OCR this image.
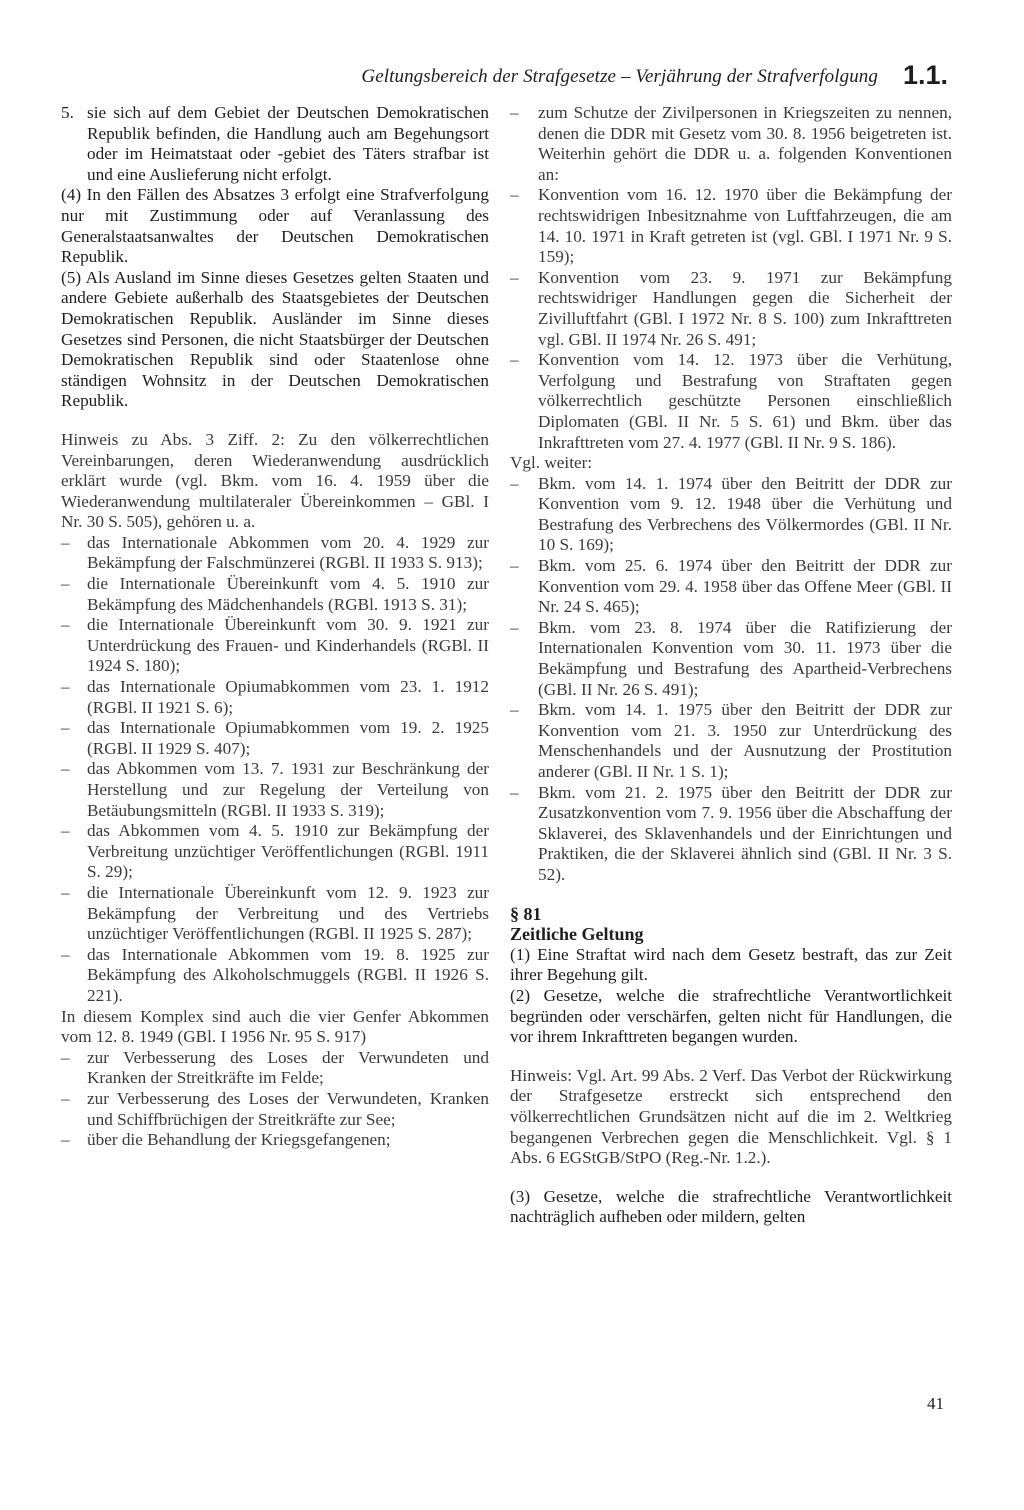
Geltungsbereich der Strafgesetze – Verjährung der Strafverfolgung 1.1.
5. sie sich auf dem Gebiet der Deutschen Demokratischen Republik befinden, die Handlung auch am Begehungsort oder im Heimatstaat oder -gebiet des Täters strafbar ist und eine Auslieferung nicht erfolgt.
(4) In den Fällen des Absatzes 3 erfolgt eine Strafverfolgung nur mit Zustimmung oder auf Veranlassung des Generalstaatsanwaltes der Deutschen Demokratischen Republik.
(5) Als Ausland im Sinne dieses Gesetzes gelten Staaten und andere Gebiete außerhalb des Staatsgebietes der Deutschen Demokratischen Republik. Ausländer im Sinne dieses Gesetzes sind Personen, die nicht Staatsbürger der Deutschen Demokratischen Republik sind oder Staatenlose ohne ständigen Wohnsitz in der Deutschen Demokratischen Republik.
Hinweis zu Abs. 3 Ziff. 2: Zu den völkerrechtlichen Vereinbarungen, deren Wiederanwendung ausdrücklich erklärt wurde (vgl. Bkm. vom 16. 4. 1959 über die Wiederanwendung multilateraler Übereinkommen – GBl. I Nr. 30 S. 505), gehören u. a.
– das Internationale Abkommen vom 20. 4. 1929 zur Bekämpfung der Falschmünzerei (RGBl. II 1933 S. 913);
– die Internationale Übereinkunft vom 4. 5. 1910 zur Bekämpfung des Mädchenhandels (RGBl. 1913 S. 31);
– die Internationale Übereinkunft vom 30. 9. 1921 zur Unterdrückung des Frauen- und Kinderhandels (RGBl. II 1924 S. 180);
– das Internationale Opiumabkommen vom 23. 1. 1912 (RGBl. II 1921 S. 6);
– das Internationale Opiumabkommen vom 19. 2. 1925 (RGBl. II 1929 S. 407);
– das Abkommen vom 13. 7. 1931 zur Beschränkung der Herstellung und zur Regelung der Verteilung von Betäubungsmitteln (RGBl. II 1933 S. 319);
– das Abkommen vom 4. 5. 1910 zur Bekämpfung der Verbreitung unzüchtiger Veröffentlichungen (RGBl. 1911 S. 29);
– die Internationale Übereinkunft vom 12. 9. 1923 zur Bekämpfung der Verbreitung und des Vertriebs unzüchtiger Veröffentlichungen (RGBl. II 1925 S. 287);
– das Internationale Abkommen vom 19. 8. 1925 zur Bekämpfung des Alkoholschmuggels (RGBl. II 1926 S. 221).
In diesem Komplex sind auch die vier Genfer Abkommen vom 12. 8. 1949 (GBl. I 1956 Nr. 95 S. 917)
– zur Verbesserung des Loses der Verwundeten und Kranken der Streitkräfte im Felde;
– zur Verbesserung des Loses der Verwundeten, Kranken und Schiffbrüchigen der Streitkräfte zur See;
– über die Behandlung der Kriegsgefangenen;
– zum Schutze der Zivilpersonen in Kriegszeiten zu nennen, denen die DDR mit Gesetz vom 30. 8. 1956 beigetreten ist. Weiterhin gehört die DDR u. a. folgenden Konventionen an:
– Konvention vom 16. 12. 1970 über die Bekämpfung der rechtswidrigen Inbesitznahme von Luftfahrzeugen, die am 14. 10. 1971 in Kraft getreten ist (vgl. GBl. I 1971 Nr. 9 S. 159);
– Konvention vom 23. 9. 1971 zur Bekämpfung rechtswidriger Handlungen gegen die Sicherheit der Zivilluftfahrt (GBl. I 1972 Nr. 8 S. 100) zum Inkrafttreten vgl. GBl. II 1974 Nr. 26 S. 491;
– Konvention vom 14. 12. 1973 über die Verhütung, Verfolgung und Bestrafung von Straftaten gegen völkerrechtlich geschützte Personen einschließlich Diplomaten (GBl. II Nr. 5 S. 61) und Bkm. über das Inkrafttreten vom 27. 4. 1977 (GBl. II Nr. 9 S. 186).
Vgl. weiter:
– Bkm. vom 14. 1. 1974 über den Beitritt der DDR zur Konvention vom 9. 12. 1948 über die Verhütung und Bestrafung des Verbrechens des Völkermordes (GBl. II Nr. 10 S. 169);
– Bkm. vom 25. 6. 1974 über den Beitritt der DDR zur Konvention vom 29. 4. 1958 über das Offene Meer (GBl. II Nr. 24 S. 465);
– Bkm. vom 23. 8. 1974 über die Ratifizierung der Internationalen Konvention vom 30. 11. 1973 über die Bekämpfung und Bestrafung des Apartheid-Verbrechens (GBl. II Nr. 26 S. 491);
– Bkm. vom 14. 1. 1975 über den Beitritt der DDR zur Konvention vom 21. 3. 1950 zur Unterdrückung des Menschenhandels und der Ausnutzung der Prostitution anderer (GBl. II Nr. 1 S. 1);
– Bkm. vom 21. 2. 1975 über den Beitritt der DDR zur Zusatzkonvention vom 7. 9. 1956 über die Abschaffung der Sklaverei, des Sklavenhandels und der Einrichtungen und Praktiken, die der Sklaverei ähnlich sind (GBl. II Nr. 3 S. 52).
§ 81
Zeitliche Geltung
(1) Eine Straftat wird nach dem Gesetz bestraft, das zur Zeit ihrer Begehung gilt.
(2) Gesetze, welche die strafrechtliche Verantwortlichkeit begründen oder verschärfen, gelten nicht für Handlungen, die vor ihrem Inkrafttreten begangen wurden.
Hinweis: Vgl. Art. 99 Abs. 2 Verf. Das Verbot der Rückwirkung der Strafgesetze erstreckt sich entsprechend den völkerrechtlichen Grundsätzen nicht auf die im 2. Weltkrieg begangenen Verbrechen gegen die Menschlichkeit. Vgl. § 1 Abs. 6 EGStGB/StPO (Reg.-Nr. 1.2.).
(3) Gesetze, welche die strafrechtliche Verantwortlichkeit nachträglich aufheben oder mildern, gelten
41
